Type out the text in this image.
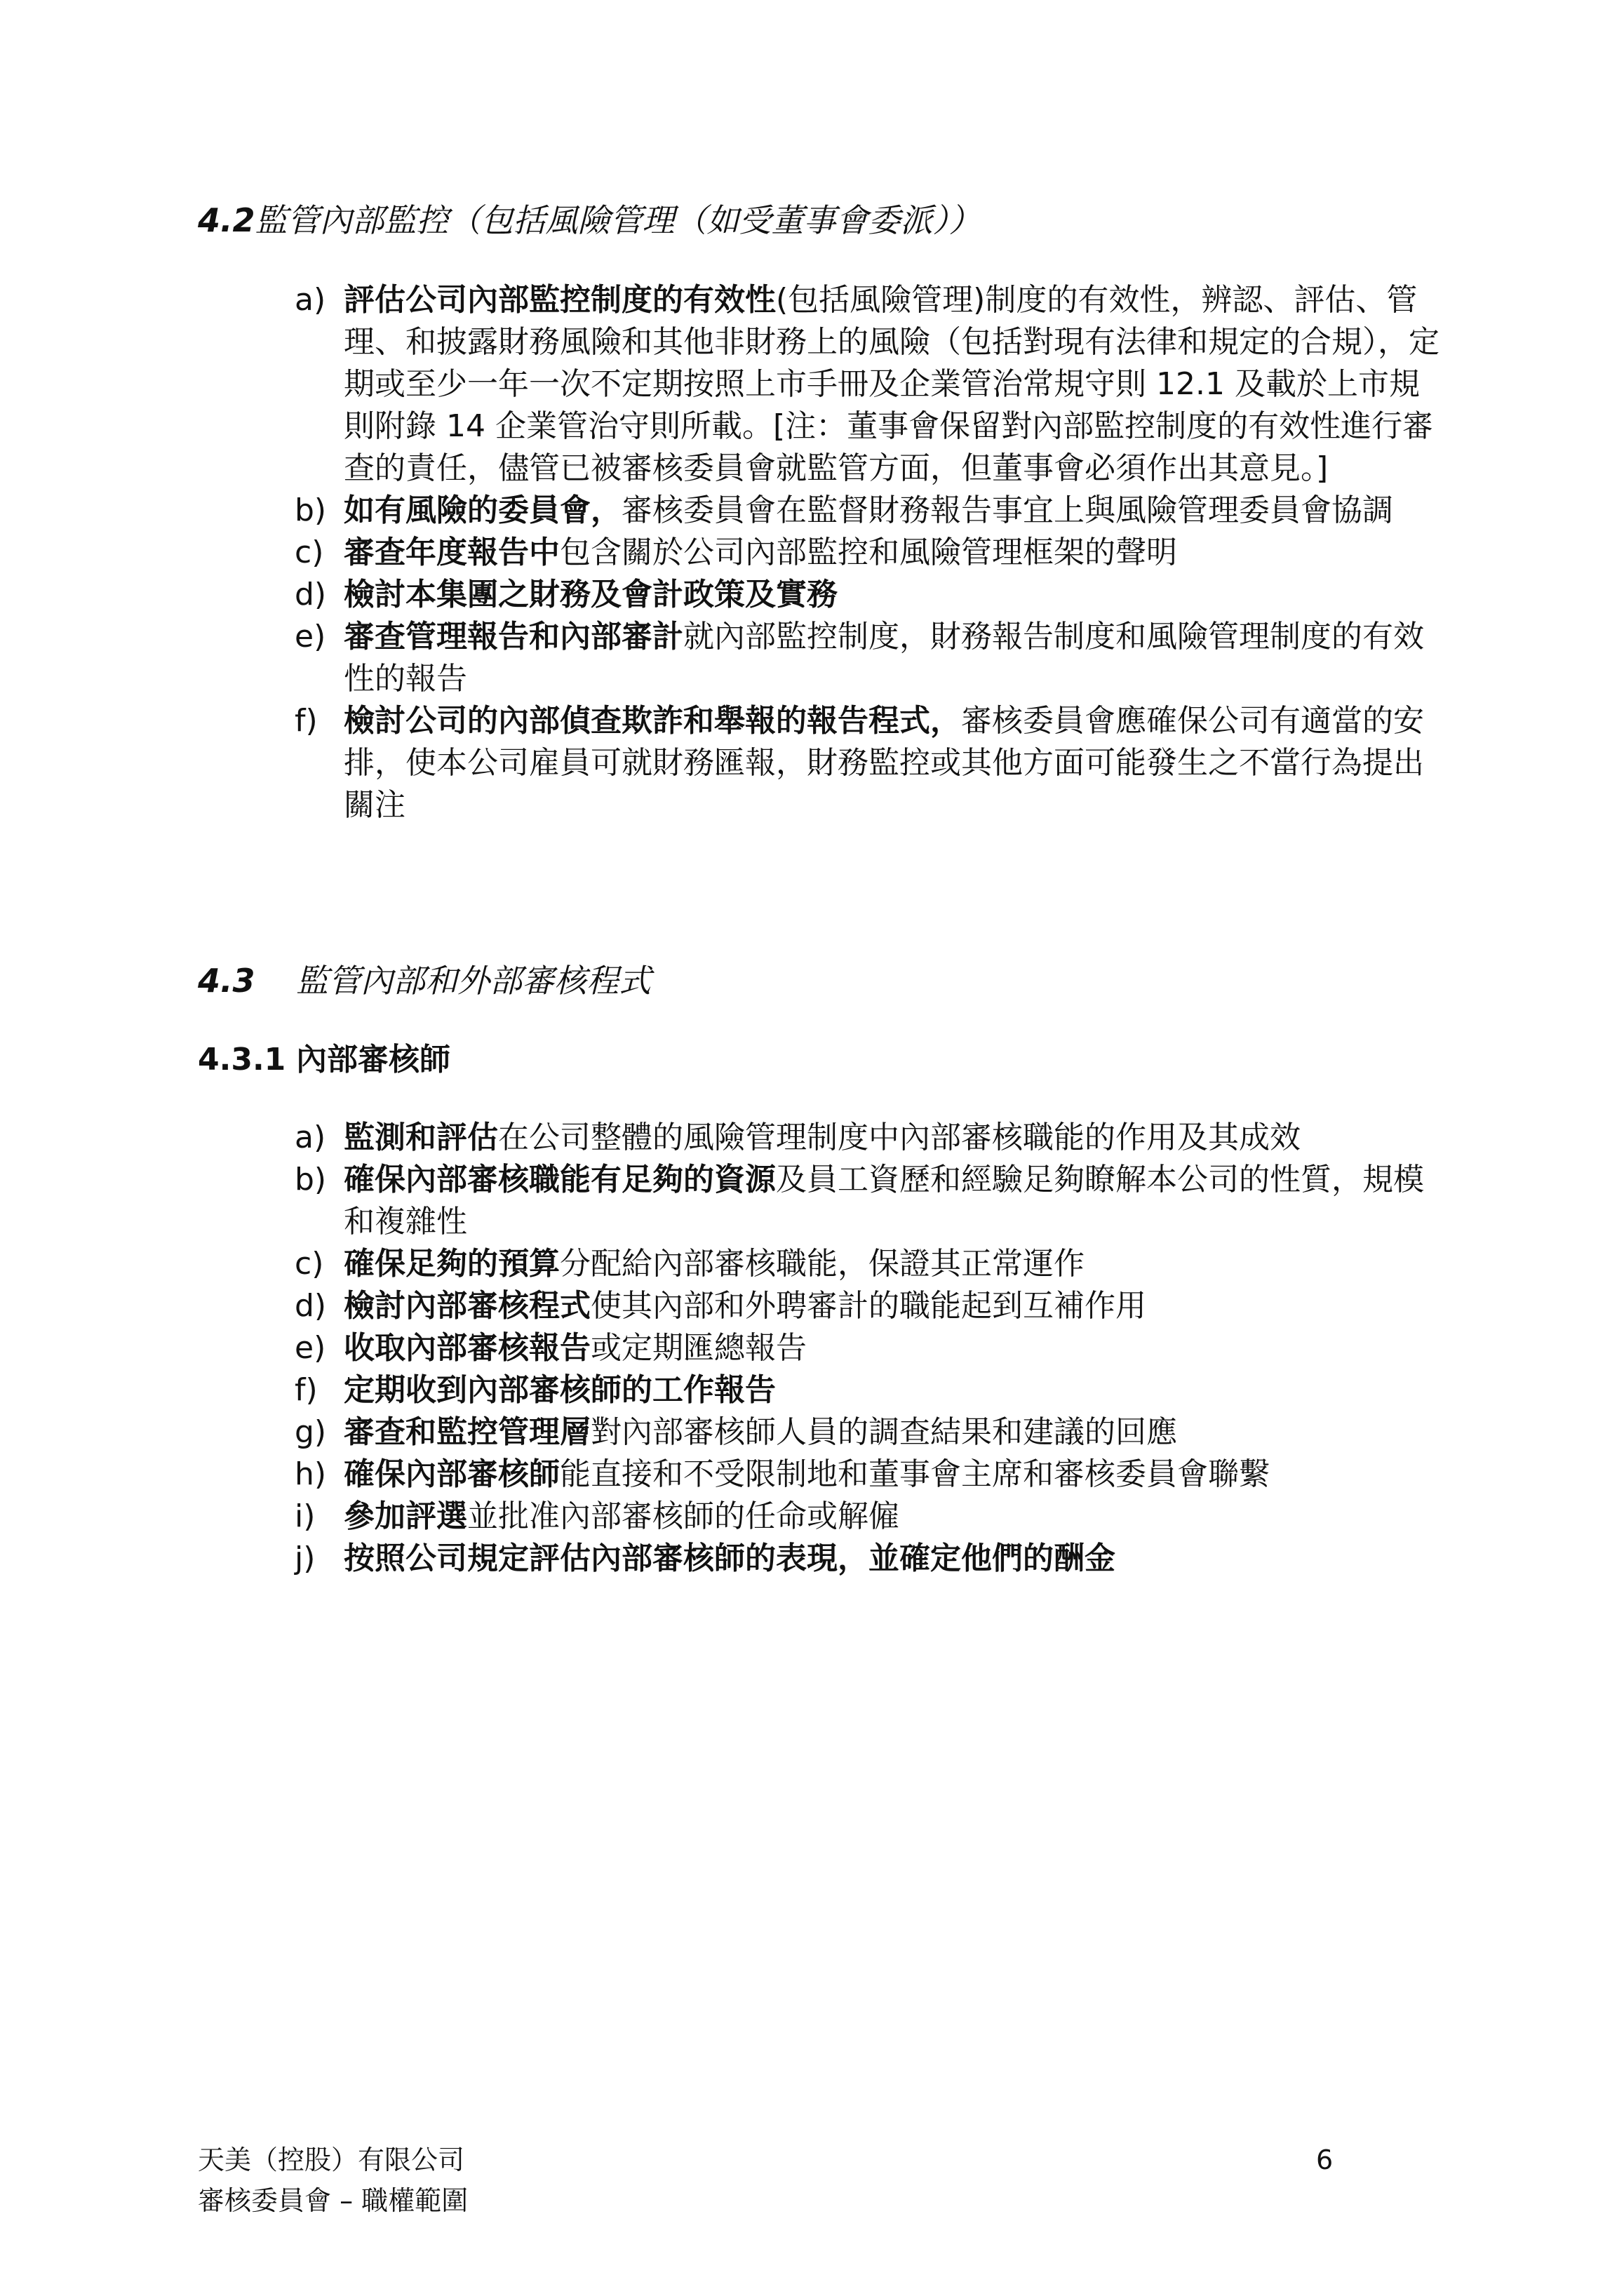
4.2監管內部監控（包括風險管理（如受董事會委派））
a) 評估公司內部監控制度的有效性(包括風險管理)制度的有效性，辨認、評估、管理、和披露財務風險和其他非財務上的風險（包括對現有法律和規定的合規），定期或至少一年一次不定期按照上市手冊及企業管治常規守則 12.1 及載於上市規則附錄 14 企業管治守則所載。[注：董事會保留對內部監控制度的有效性進行審查的責任，儘管已被審核委員會就監管方面，但董事會必須作出其意見。]
b) 如有風險的委員會，審核委員會在監督財務報告事宜上與風險管理委員會協調
c) 審查年度報告中包含關於公司內部監控和風險管理框架的聲明
d) 檢討本集團之財務及會計政策及實務
e) 審查管理報告和內部審計就內部監控制度，財務報告制度和風險管理制度的有效性的報告
f) 檢討公司的內部偵查欺詐和舉報的報告程式，審核委員會應確保公司有適當的安排，使本公司雇員可就財務匯報，財務監控或其他方面可能發生之不當行為提出關注
4.3 監管內部和外部審核程式
4.3.1 內部審核師
a) 監測和評估在公司整體的風險管理制度中內部審核職能的作用及其成效
b) 確保內部審核職能有足夠的資源及員工資歷和經驗足夠瞭解本公司的性質，規模和複雜性
c) 確保足夠的預算分配給內部審核職能，保證其正常運作
d) 檢討內部審核程式使其內部和外聘審計的職能起到互補作用
e) 收取內部審核報告或定期匯總報告
f) 定期收到內部審核師的工作報告
g) 審查和監控管理層對內部審核師人員的調查結果和建議的回應
h) 確保內部審核師能直接和不受限制地和董事會主席和審核委員會聯繫
i) 參加評選並批准內部審核師的任命或解僱
j) 按照公司規定評估內部審核師的表現，並確定他們的酬金
天美（控股）有限公司
審核委員會 – 職權範圍
6
